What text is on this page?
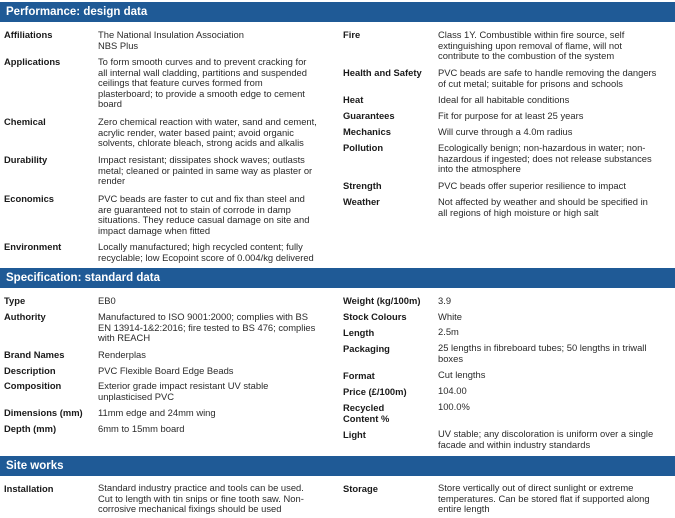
Performance: design data
Specification: standard data
Site works
Affiliations	The National Insulation Association
NBS Plus
Applications	To form smooth curves and to prevent cracking for
all internal wall cladding, partitions and suspended
ceilings that feature curves formed from
plasterboard; to provide a smooth edge to cement
board
Chemical	Zero chemical reaction with water, sand and cement,
acrylic render, water based paint; avoid organic
solvents, chlorate bleach, strong acids and alkalis
Durability	Impact resistant; dissipates shock waves; outlasts
metal; cleaned or painted in same way as plaster or
render
Economics	PVC beads are faster to cut and fix than steel and
are guaranteed not to stain of corrode in damp
situations. They reduce casual damage on site and
impact damage when fitted
Environment	Locally manufactured; high recycled content; fully
recyclable; low Ecopoint score of 0.004/kg delivered
Fire	Class 1Y. Combustible within fire source, self
extinguishing upon removal of flame, will not
contribute to the combustion of the system
Health and Safety PVC beads are safe to handle removing the dangers
of cut metal; suitable for prisons and schools
Heat	Ideal for all habitable conditions
Guarantees	Fit for purpose for at least 25 years
Mechanics	Will curve through a 4.0m radius
Pollution	Ecologically benign; non-hazardous in water; non-
hazardous if ingested; does not release substances
into the atmosphere
Strength	PVC beads offer superior resilience to impact
Weather	Not affected by weather and should be specified in
all regions of high moisture or high salt
Type	EB0
Authority	Manufactured to ISO 9001:2000; complies with BS
EN 13914-1&2:2016; fire tested to BS 476; complies
with REACH
Brand Names	Renderplas
Description	PVC Flexible Board Edge Beads
Composition	Exterior grade impact resistant UV stable
unplasticised PVC
Dimensions (mm) 11mm edge and 24mm wing
Depth (mm)	6mm to 15mm board
Weight (kg/100m) 3.9
Stock Colours	White
Length	2.5m
Packaging	25 lengths in fibreboard tubes; 50 lengths in triwall
boxes
Format	Cut lengths
Price (£/100m)	104.00
Recycled
Content %
100.0%
Light	UV stable; any discoloration is uniform over a single
facade and within industry standards
Installation	Standard industry practice and tools can be used.
Cut to length with tin snips or fine tooth saw. Non-
corrosive mechanical fixings should be used
Storage	Store vertically out of direct sunlight or extreme
temperatures. Can be stored flat if supported along
entire length
